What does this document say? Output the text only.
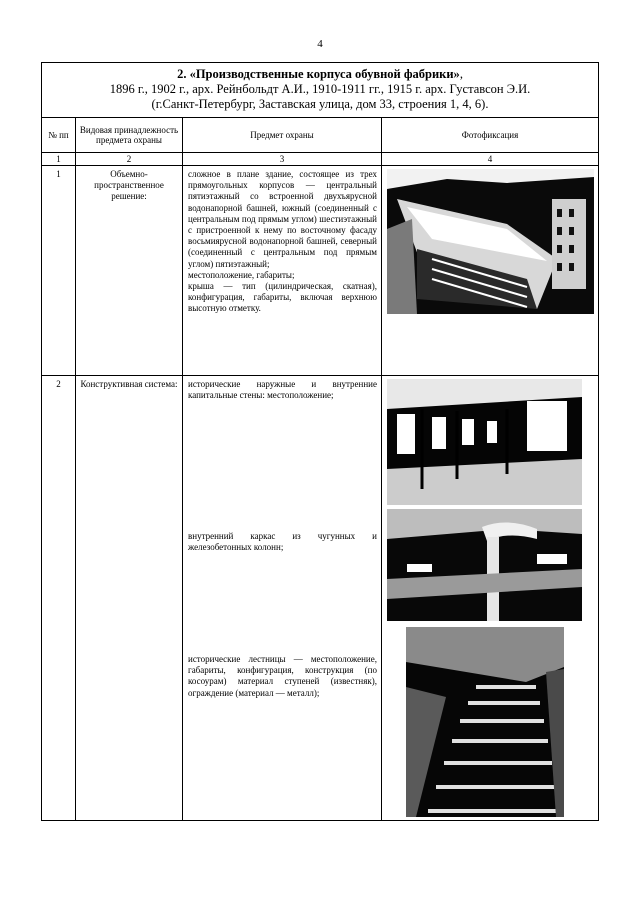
4
2. «Производственные корпуса обувной фабрики»,
1896 г., 1902 г., арх. Рейнбольдт А.И., 1910-1911 гг., 1915 г. арх. Густавсон Э.И.
(г.Санкт-Петербург, Заставская улица, дом 33, строения 1, 4, 6).			

№ пп	Видовая принадлежность предмета охраны	Предмет охраны	Фотофиксация
1	2	3	4
1	Объемно-пространственное решение:	сложное в плане здание, состоящее из трех прямоугольных корпусов — центральный пятиэтажный со встроенной двухъярусной водонапорной башней, южный (соединенный с центральным под прямым углом) шестиэтажный с пристроенной к нему по восточному фасаду восьмиярусной водонапорной башней, северный (соединенный с центральным под прямым углом) пятиэтажный;

местоположение, габариты;

крыша — тип (цилиндрическая, скатная), конфигурация, габариты, включая верхнюю высотную отметку.

2	Конструктивная система:	исторические наружные и внутренние капитальные стены: местоположение;

внутренний каркас из чугунных и железобетонных колонн;

исторические лестницы — местоположение, габариты, конфигурация, конструкция (по косоурам) материал ступеней (известняк), ограждение (материал — металл);
